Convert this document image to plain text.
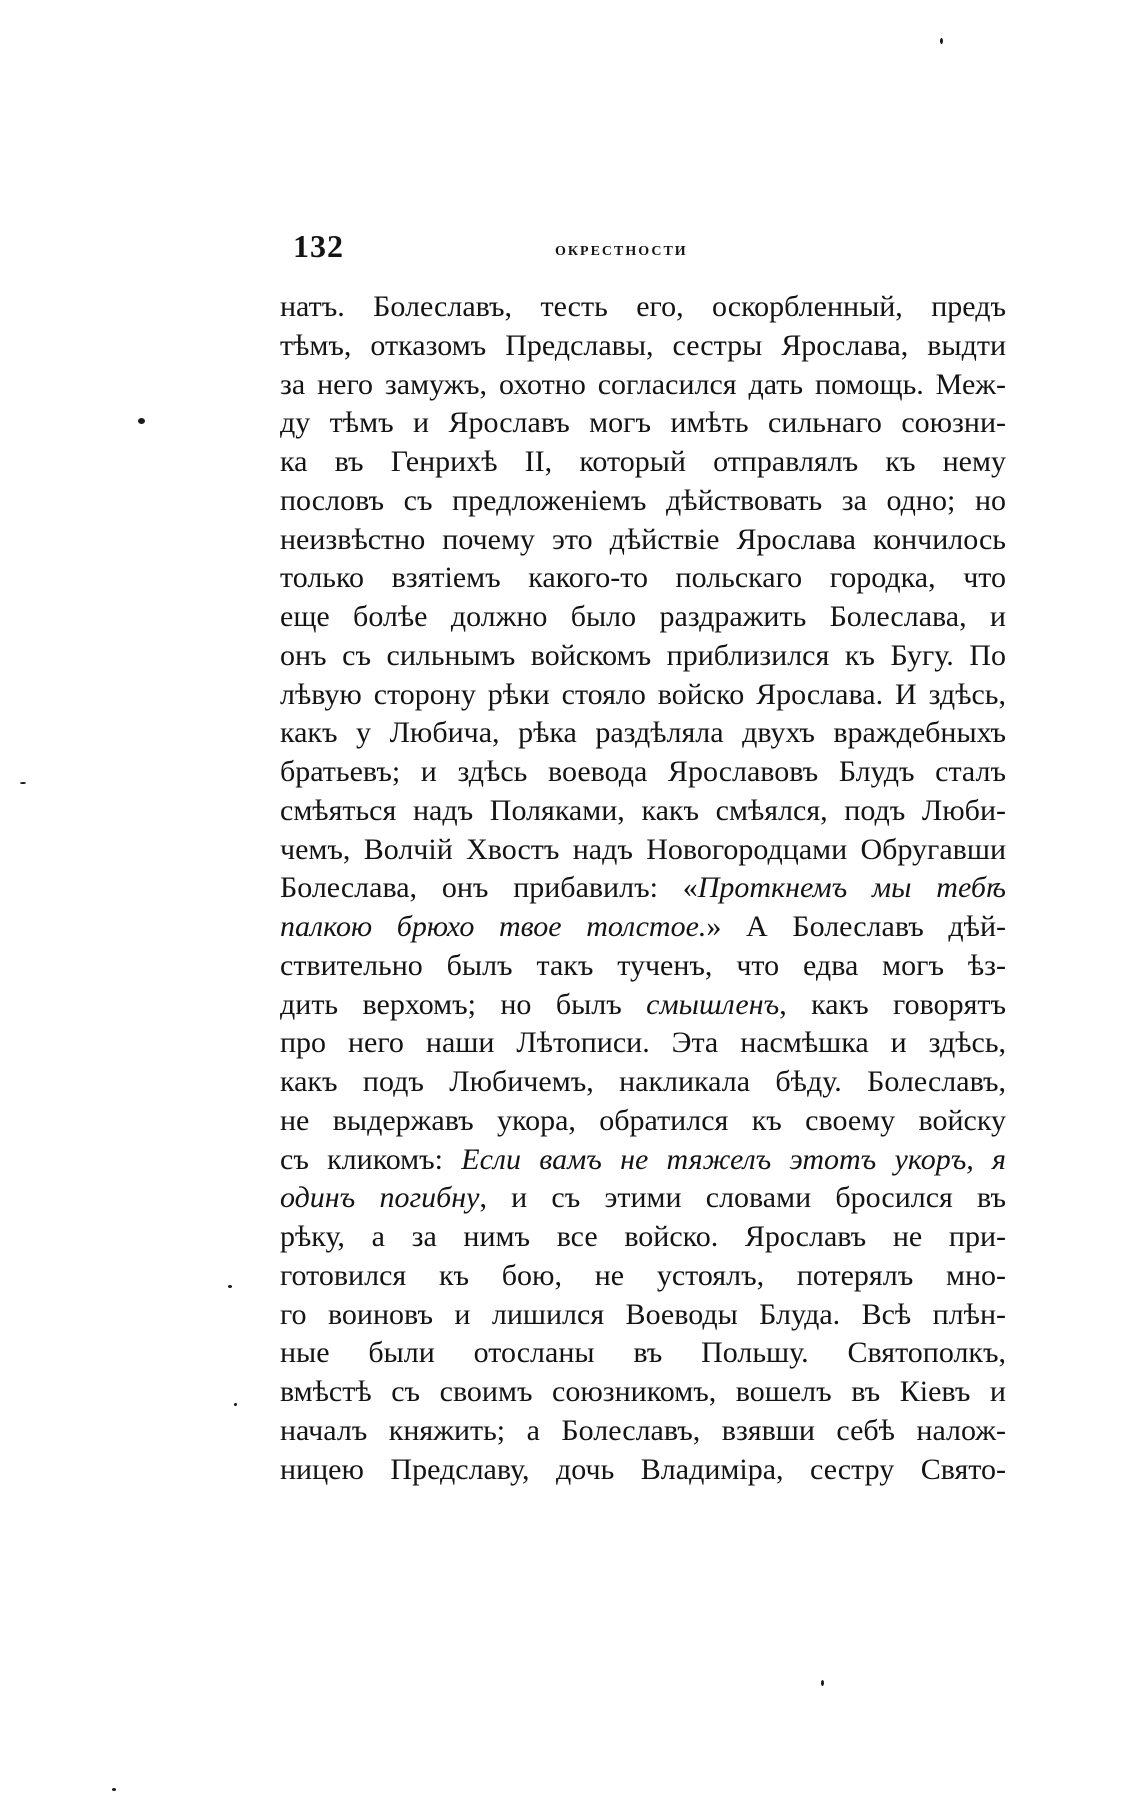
132	окрестности
натъ. Болеславъ, тесть его, оскорбленный, предъ
тѣмъ, отказомъ Предславы, сестры Ярослава, выдти
за него замужъ, охотно согласился дать помощь. Меж-
ду тѣмъ и Ярославъ могъ имѣть сильнаго союзни-
ка въ Генрихѣ II, который отправлялъ къ нему
пословъ съ предложеніемъ дѣйствовать за одно; но
неизвѣстно почему это дѣйствіе Ярослава кончилось
только взятіемъ какого-то польскаго городка, что
еще болѣе должно было раздражить Болеслава, и
онъ съ сильнымъ войскомъ приблизился къ Бугу. По
лѣвую сторону рѣки стояло войско Ярослава. И здѣсь,
какъ у Любича, рѣка раздѣляла двухъ враждебныхъ
братьевъ; и здѣсь воевода Ярославовъ Блудъ сталъ
смѣяться надъ Поляками, какъ смѣялся, подъ Люби-
чемъ, Волчій Хвостъ надъ Новогородцами Обругавши
Болеслава, онъ прибавилъ: «Проткнемъ мы тебѣ
палкою брюхо твое толстое.» А Болеславъ дѣй-
ствительно былъ такъ тученъ, что едва могъ ѣз-
дить верхомъ; но былъ смышленъ, какъ говорятъ
про него наши Лѣтописи. Эта насмѣшка и здѣсь,
какъ подъ Любичемъ, накликала бѣду. Болеславъ,
не выдержавъ укора, обратился къ своему войску
съ кликомъ: Если вамъ не тяжелъ этотъ укоръ, я
одинъ погибну, и съ этими словами бросился въ
рѣку, а за нимъ все войско. Ярославъ не при-
готовился къ бою, не устоялъ, потерялъ мно-
го воиновъ и лишился Воеводы Блуда. Всѣ плѣн-
ные были отосланы въ Польшу. Святополкъ,
вмѣстѣ съ своимъ союзникомъ, вошелъ въ Кіевъ и
началъ княжить; а Болеславъ, взявши себѣ налож-
ницею Предславу, дочь Владиміра, сестру Свято-
